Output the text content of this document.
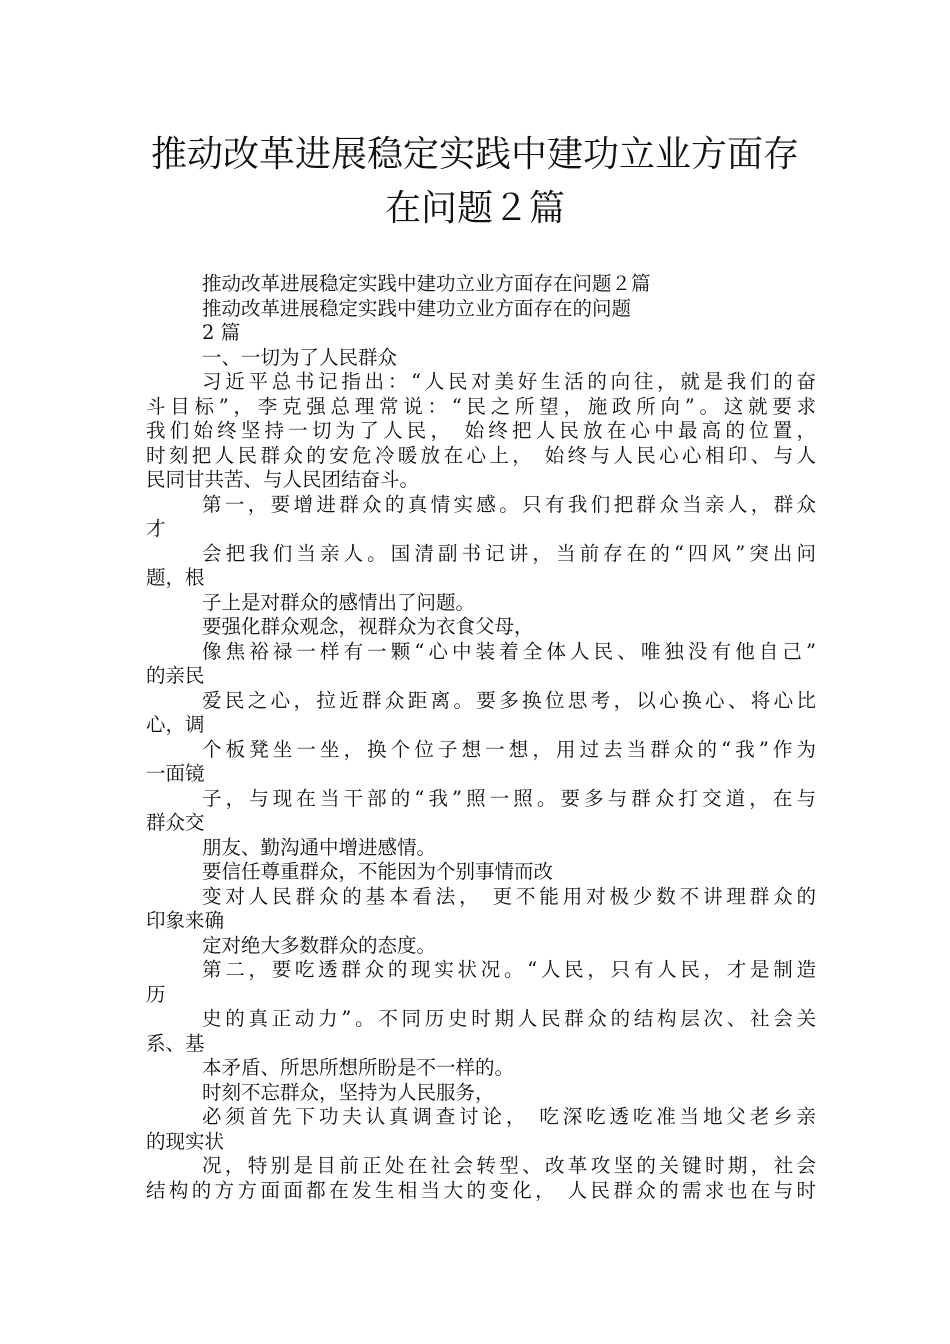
推动改革进展稳定实践中建功立业方面存
在问题２篇
推动改革进展稳定实践中建功立业方面存在问题２篇
推动改革进展稳定实践中建功立业方面存在的问题
2 篇
一、一切为了人民群众
习近平总书记指出：“人民对美好生活的向往，就是我们的奋
斗目标”，李克强总理常说：“民之所望，施政所向”。这就要求
我们始终坚持一切为了人民， 始终把人民放在心中最高的位置，
时刻把人民群众的安危冷暖放在心上， 始终与人民心心相印、与人
民同甘共苦、与人民团结奋斗。
第一，要增进群众的真情实感。只有我们把群众当亲人，群众
才
会把我们当亲人。国清副书记讲，当前存在的“四风”突出问
题，根
子上是对群众的感情出了问题。
要强化群众观念，视群众为衣食父母，
像焦裕禄一样有一颗“心中装着全体人民、唯独没有他自己”
的亲民
爱民之心，拉近群众距离。要多换位思考，以心换心、将心比
心，调
个板凳坐一坐，换个位子想一想，用过去当群众的“我”作为
一面镜
子，与现在当干部的“我”照一照。要多与群众打交道，在与
群众交
朋友、勤沟通中增进感情。
要信任尊重群众，不能因为个别事情而改
变对人民群众的基本看法， 更不能用对极少数不讲理群众的
印象来确
定对绝大多数群众的态度。
第二，要吃透群众的现实状况。“人民，只有人民，才是制造
历
史的真正动力”。不同历史时期人民群众的结构层次、社会关
系、基
本矛盾、所思所想所盼是不一样的。
时刻不忘群众，坚持为人民服务，
必须首先下功夫认真调查讨论， 吃深吃透吃准当地父老乡亲
的现实状
况，特别是目前正处在社会转型、改革攻坚的关键时期，社会
结构的方方面面都在发生相当大的变化， 人民群众的需求也在与时
